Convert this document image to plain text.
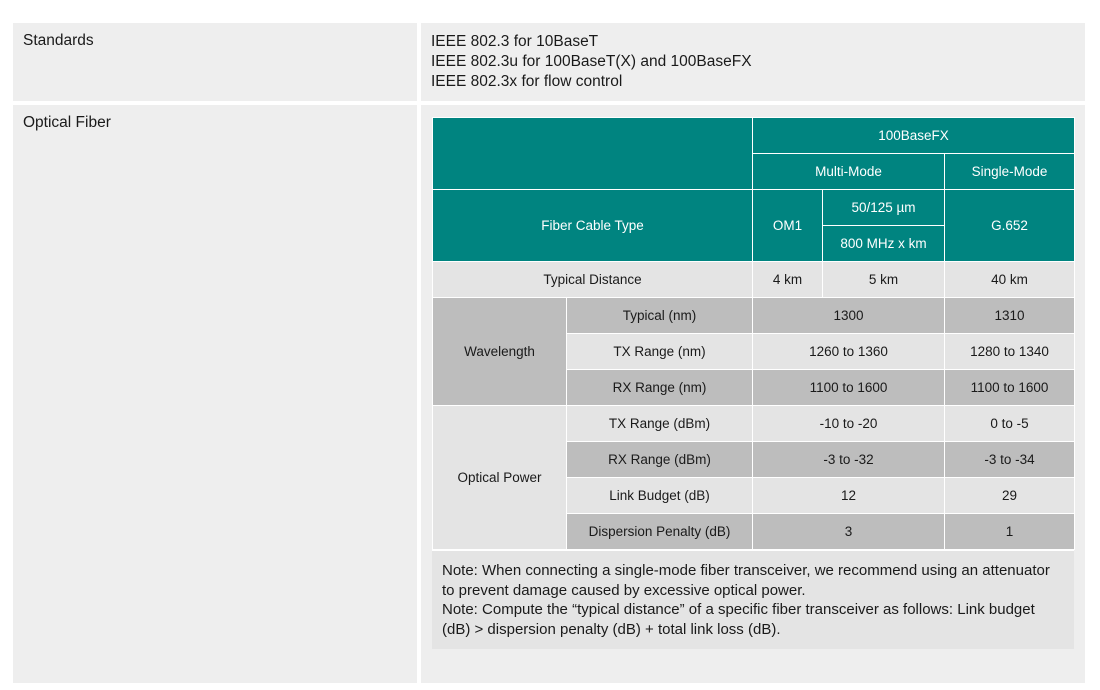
Standards	IEEE 802.3 for 10BaseT
IEEE 802.3u for 100BaseT(X) and 100BaseFX
IEEE 802.3x for flow control
Optical Fiber
		100BaseFX		
		Multi-Mode		Single-Mode
Fiber Cable Type		OM1	50/125 µm	G.652
			800 MHz x km	
Typical Distance		4 km	5 km	40 km
Wavelength	Typical (nm)	1300		1310
	TX Range (nm)	1260 to 1360		1280 to 1340
	RX Range (nm)	1100 to 1600		1100 to 1600
Optical Power	TX Range (dBm)	-10 to -20		0 to -5
	RX Range (dBm)	-3 to -32		-3 to -34
	Link Budget (dB)	12		29
	Dispersion Penalty (dB)	3		1

Note: When connecting a single-mode fiber transceiver, we recommend using an attenuator to prevent damage caused by excessive optical power.

Note: Compute the “typical distance” of a specific fiber transceiver as follows: Link budget (dB) > dispersion penalty (dB) + total link loss (dB).
